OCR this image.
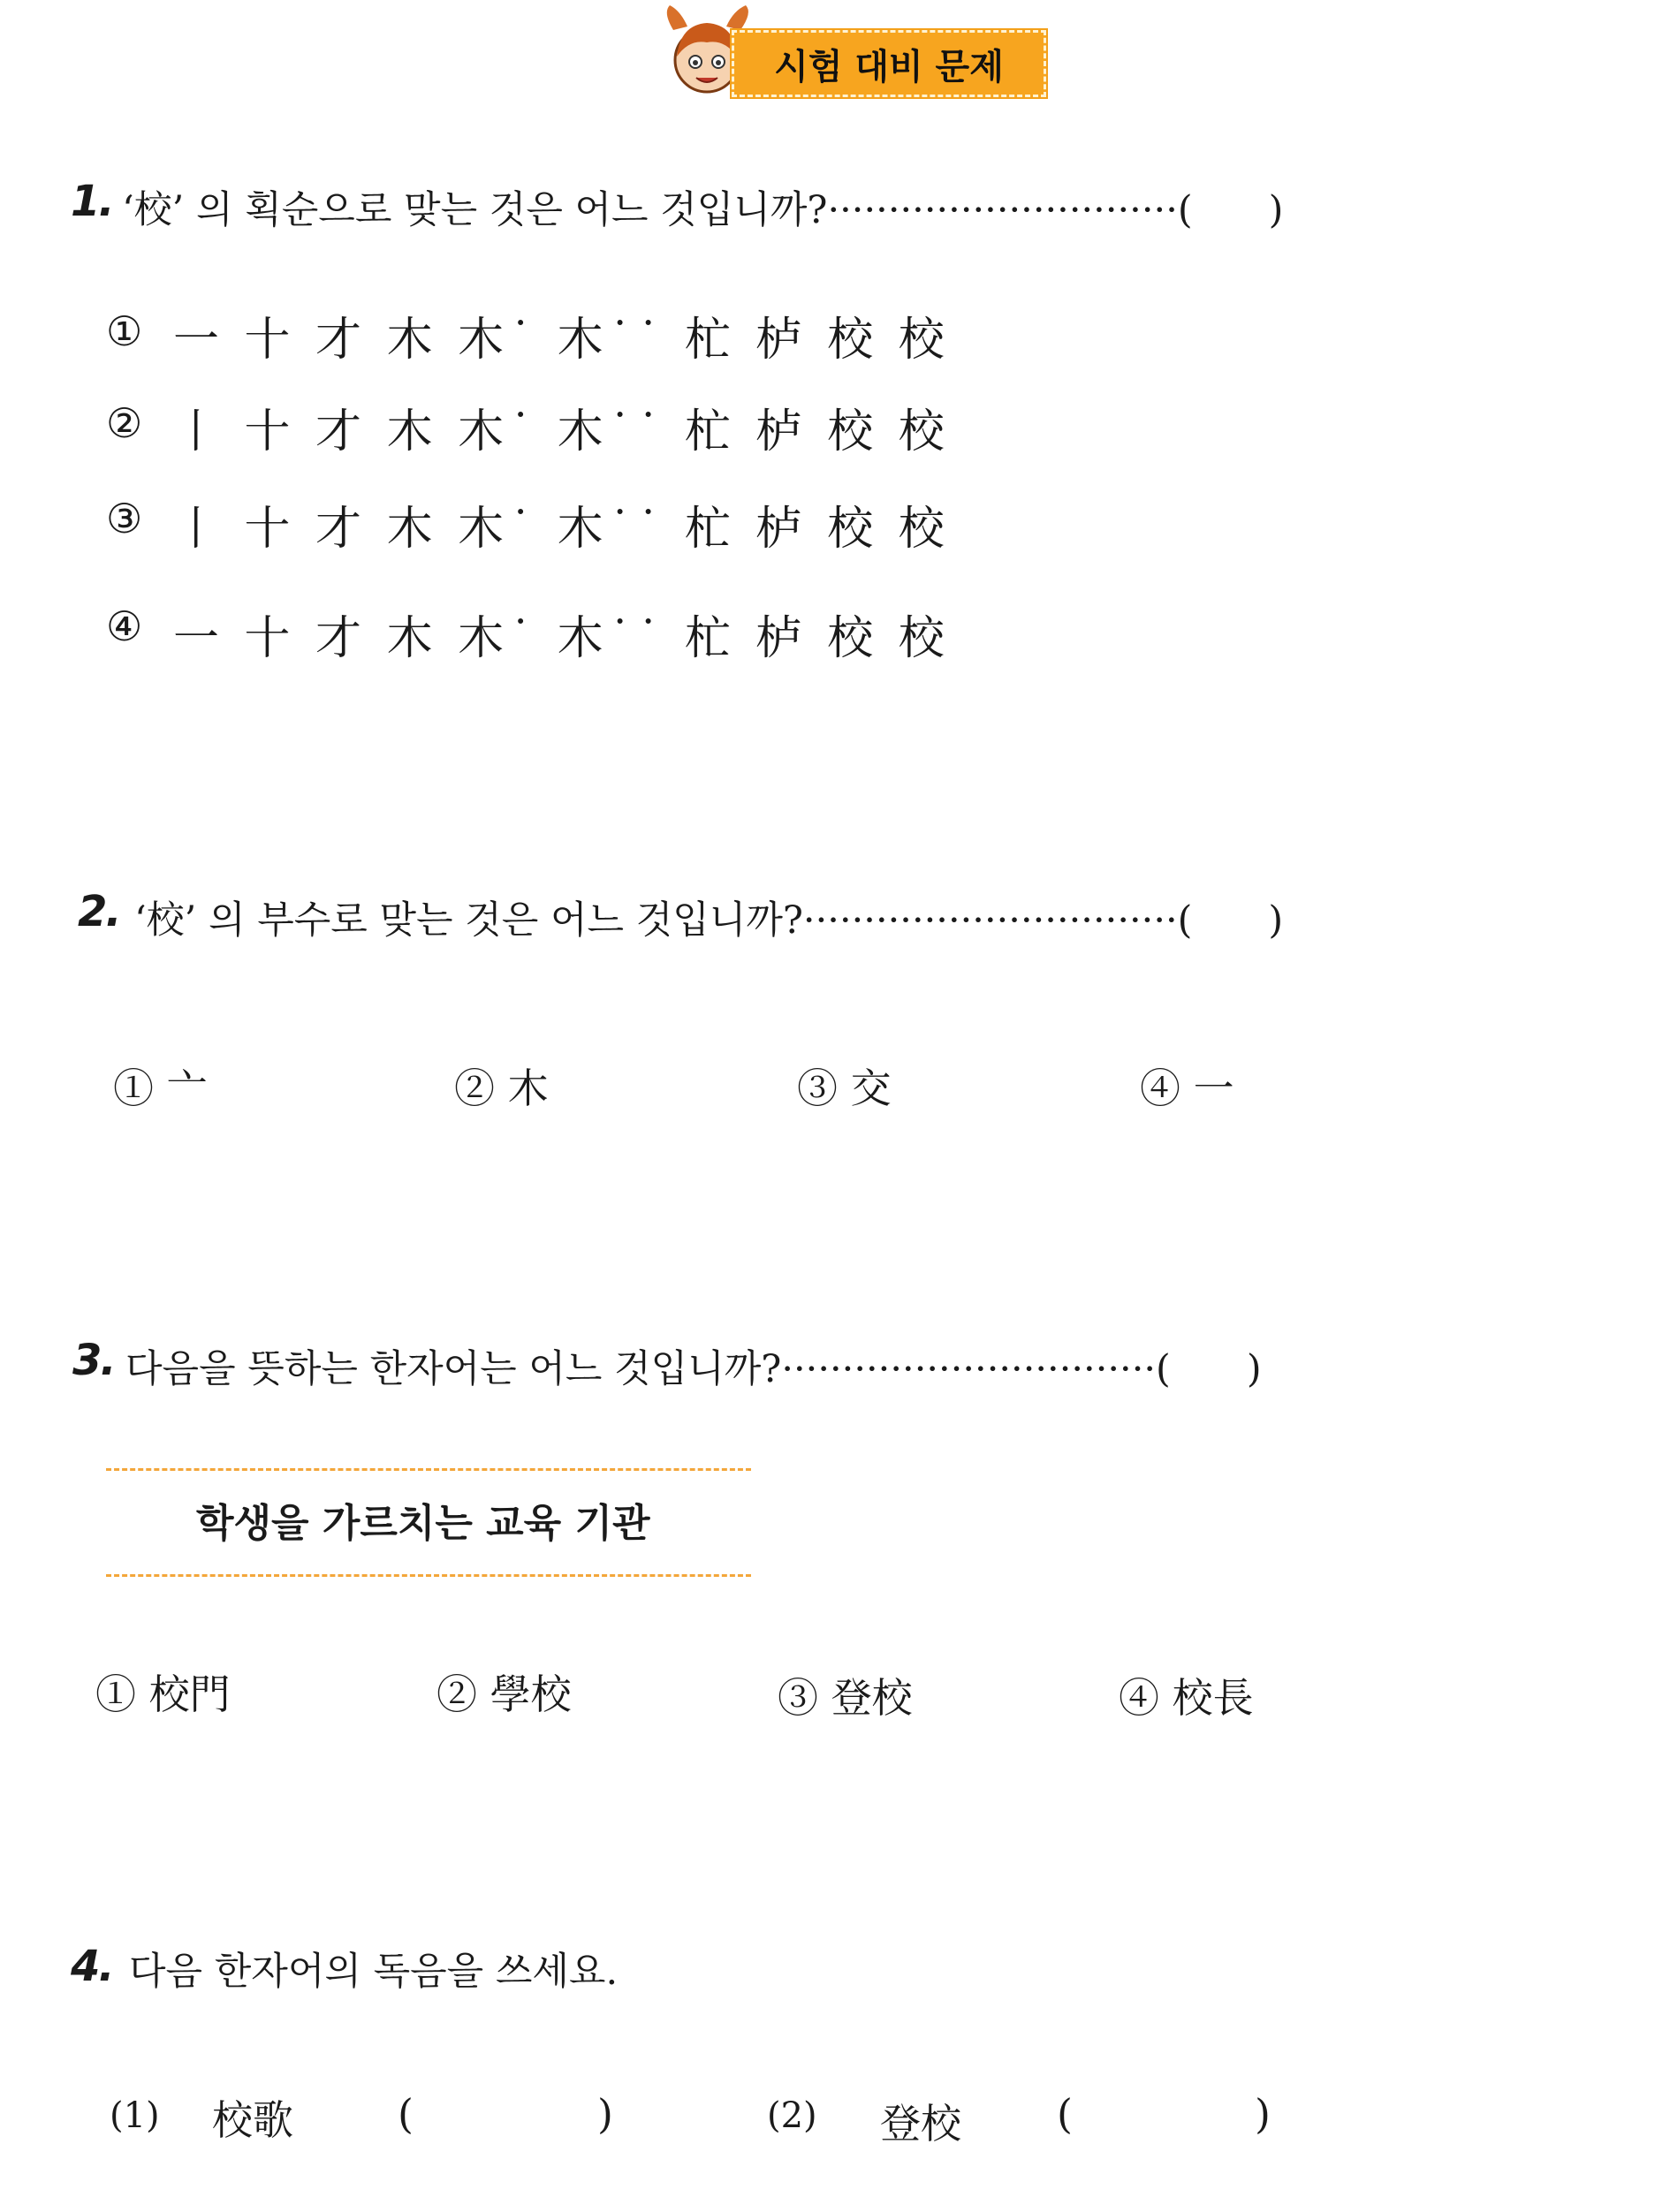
시험 대비 문제
1. ‘校’ 의 획순으로 맞는 것은 어느 것입니까?·····························(　　)
① 一 十 才 木 木˙ 木˙˙ 杧 栌 校 校
② 丨 十 才 木 木˙ 木˙˙ 杧 栌 校 校
③ 丨 十 才 木 木˙ 木˙˙ 杧 栌 校 校
④ 一 十 才 木 木˙ 木˙˙ 杧 栌 校 校
2. ‘校’ 의 부수로 맞는 것은 어느 것입니까?·······························(　　)
① 亠	② 木	③ 交	④ 一
3. 다음을 뜻하는 한자어는 어느 것입니까?·······························(　　)
학생을 가르치는 교육 기관
① 校門	② 學校	③ 登校	④ 校長
4. 다음 한자어의 독음을 쓰세요.
(1) 校歌	(	)	(2) 登校 (	)
